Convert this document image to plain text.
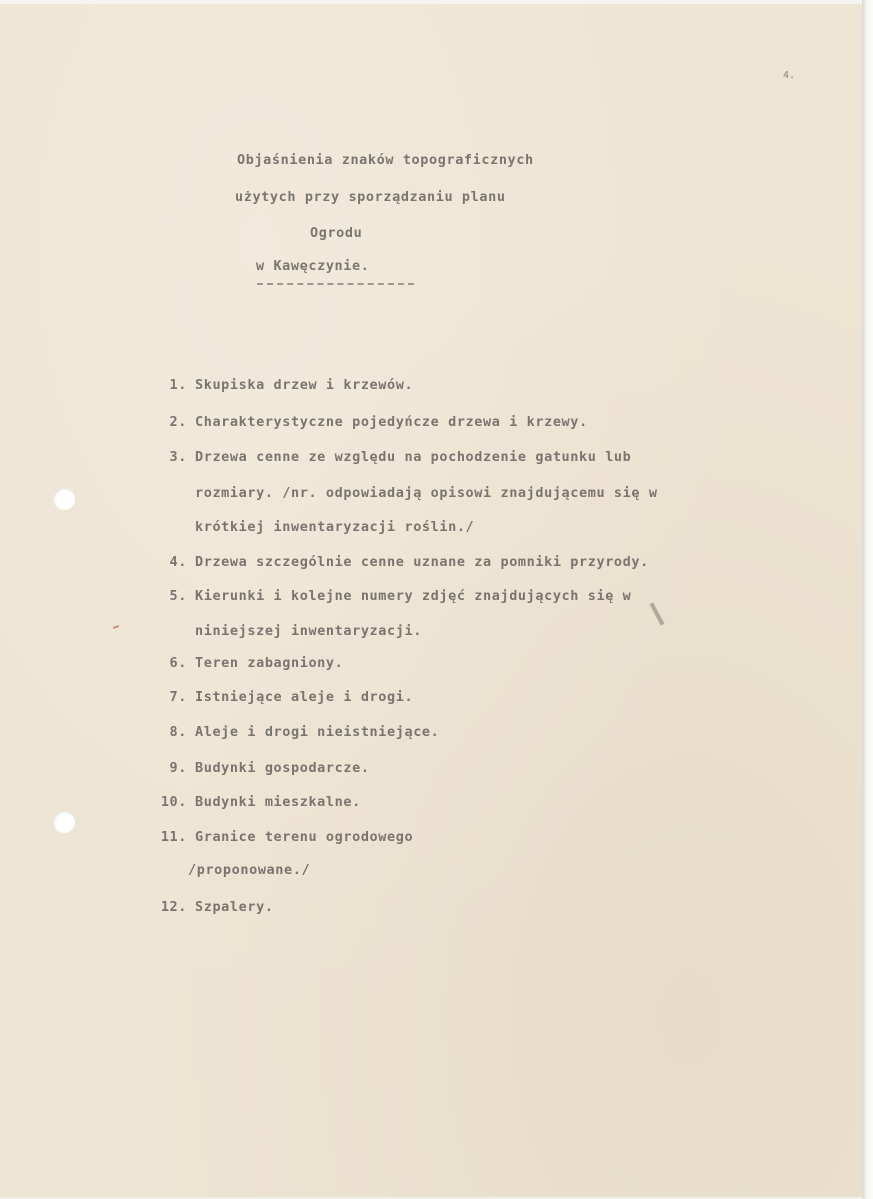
4.
Objaśnienia znaków topograficznych
użytych przy sporządzaniu planu
Ogrodu
w Kawęczynie.
1. Skupiska drzew i krzewów.
2. Charakterystyczne pojedyńcze drzewa i krzewy.
3. Drzewa cenne ze względu na pochodzenie gatunku lub
rozmiary. /nr. odpowiadają opisowi znajdującemu się w
krótkiej inwentaryzacji roślin./
4. Drzewa szczególnie cenne uznane za pomniki przyrody.
5. Kierunki i kolejne numery zdjęć znajdujących się w
niniejszej inwentaryzacji.
6. Teren zabagniony.
7. Istniejące aleje i drogi.
8. Aleje i drogi nieistniejące.
9. Budynki gospodarcze.
10. Budynki mieszkalne.
11. Granice terenu ogrodowego
/proponowane./
12. Szpalery.
